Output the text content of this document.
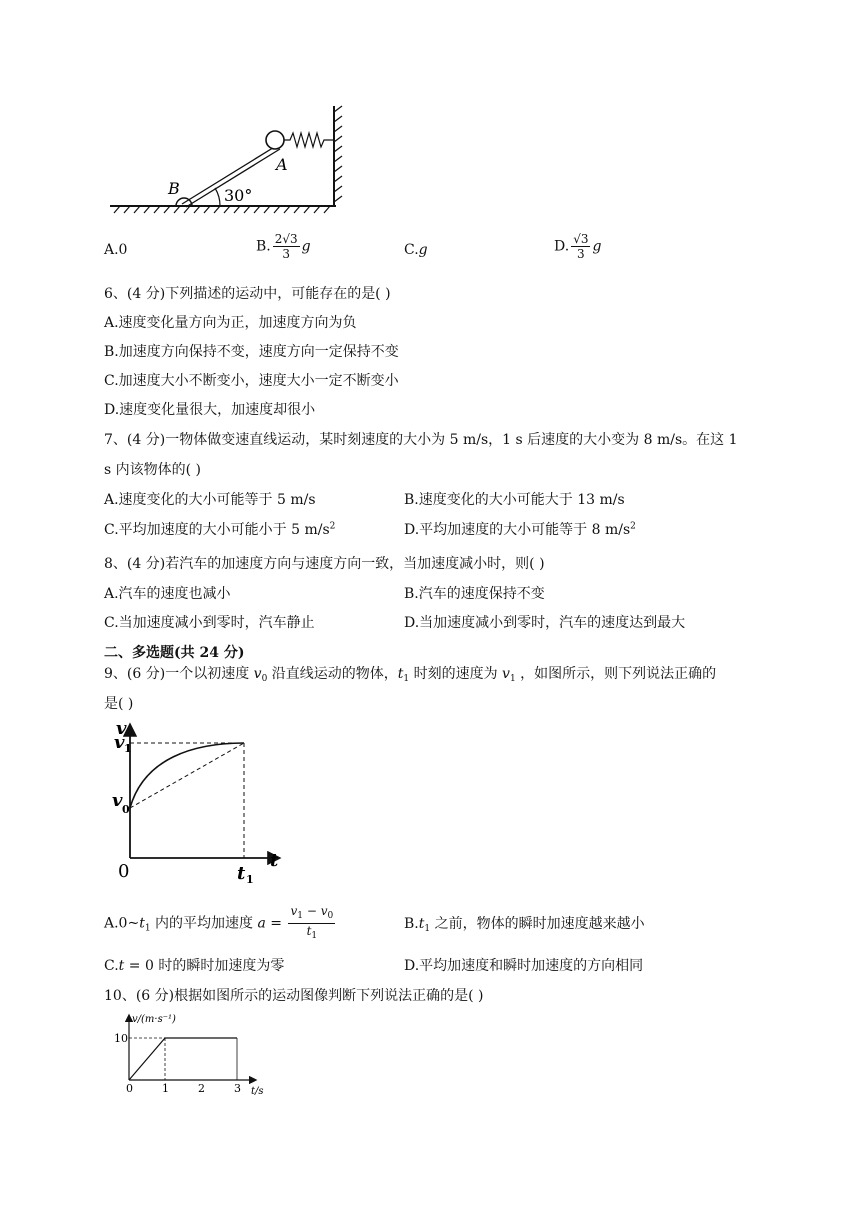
A
B	30°
A.0	B. $\frac{2√3}{3}$ g	C.g	D. $\frac{√3}{3}$ g
6、(4 分)下列描述的运动中，可能存在的是( )
A.速度变化量方向为正，加速度方向为负
B.加速度方向保持不变，速度方向一定保持不变
C.加速度大小不断变小，速度大小一定不断变小
D.速度变化量很大，加速度却很小
7、(4 分)一物体做变速直线运动，某时刻速度的大小为 5 m/s，1 s 后速度的大小变为 8 m/s。在这 1
s 内该物体的( )
A.速度变化的大小可能等于 5 m/s	B.速度变化的大小可能大于 13 m/s
C.平均加速度的大小可能小于 5 $m/s^2$	D.平均加速度的大小可能等于 8 $m/s^2$
8、(4 分)若汽车的加速度方向与速度方向一致，当加速度减小时，则( )
A.汽车的速度也减小	B.汽车的速度保持不变
C.当加速度减小到零时，汽车静止	D.当加速度减小到零时，汽车的速度达到最大
二、多选题(共 24 分)
9、(6 分)一个以初速度 $v_0$ 沿直线运动的物体，$t_1$ 时刻的速度为 $v_1$ ，如图所示，则下列说法正确的
是( )
v
t
0
v 1
v 0
t 1
$A.0\sim t_1$ 内的平均加速度 $a = \frac{v_1 - v_0}{t_1}$	$B.t_1$ 之前，物体的瞬时加速度越来越小
C.t = 0 时的瞬时加速度为零	D.平均加速度和瞬时加速度的方向相同
10、(6 分)根据如图所示的运动图像判断下列说法正确的是( )
0	1	2	3
10
v/(m·s⁻¹)
t/s
